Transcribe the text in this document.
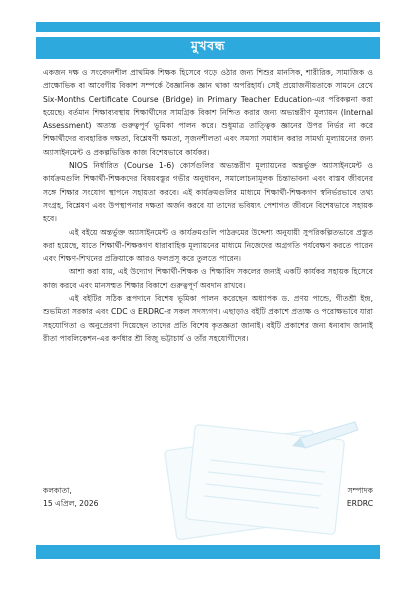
মুখবন্ধ

একজন দক্ষ ও সংবেদনশীল প্রাথমিক শিক্ষক হিসেবে গড়ে ওঠার জন্য শিশুর মানসিক, শারীরিক, সামাজিক ও প্রাক্ষোভিক বা আবেগীয় বিকাশ সম্পর্কে বৈজ্ঞানিক জ্ঞান থাকা অপরিহার্য। সেই প্রয়োজনীয়তাকে সামনে রেখে Six-Months Certificate Course (Bridge) in Primary Teacher Education-এর পরিকল্পনা করা হয়েছে। বর্তমান শিক্ষাব্যবস্থায় শিক্ষার্থীদের সামগ্রিক বিকাশ নিশ্চিত করার জন্য অভ্যন্তরীণ মূল্যায়ন (Internal Assessment) অত্যন্ত গুরুত্বপূর্ণ ভূমিকা পালন করে। শুধুমাত্র তাত্ত্বিক জ্ঞানের উপর নির্ভর না করে শিক্ষার্থীদের ব্যবহারিক দক্ষতা, বিশ্লেষণী ক্ষমতা, সৃজনশীলতা এবং সমস্যা সমাধান করার সামর্থ্য মূল্যায়নের জন্য অ্যাসাইনমেন্ট ও প্রকল্পভিত্তিক কাজ বিশেষভাবে কার্যকর।

NIOS নির্ধারিত (Course 1-6) কোর্সগুলির অভ্যন্তরীণ মূল্যায়নের অন্তর্ভুক্ত অ্যাসাইনমেন্ট ও কার্যক্রমগুলি শিক্ষার্থী-শিক্ষকদের বিষয়বস্তুর গভীর অনুধাবন, সমালোচনামূলক চিন্তাভাবনা এবং বাস্তব জীবনের সঙ্গে শিক্ষার সংযোগ স্থাপনে সহায়তা করবে। এই কার্যক্রমগুলির মাধ্যমে শিক্ষার্থী-শিক্ষকগণ স্বনির্ভরভাবে তথ্য সংগ্রহ, বিশ্লেষণ এবং উপস্থাপনার দক্ষতা অর্জন করবে যা তাদের ভবিষ্যৎ পেশাগত জীবনে বিশেষভাবে সহায়ক হবে।

এই বইয়ে অন্তর্ভুক্ত অ্যাসাইনমেন্ট ও কার্যক্রমগুলি পাঠক্রমের উদ্দেশ্য অনুযায়ী সুপরিকল্পিতভাবে প্রস্তুত করা হয়েছে, যাতে শিক্ষার্থী-শিক্ষকগণ ধারাবাহিক মূল্যায়নের মাধ্যমে নিজেদের অগ্রগতি পর্যবেক্ষণ করতে পারেন এবং শিক্ষণ-শিখনের প্রক্রিয়াকে আরও ফলপ্রসূ করে তুলতে পারেন।

আশা করা যায়, এই উদ্যোগ শিক্ষার্থী-শিক্ষক ও শিক্ষাবিদ সকলের জন্যই একটি কার্যকর সহায়ক হিসেবে কাজ করবে এবং মানসম্মত শিক্ষার বিকাশে গুরুত্বপূর্ণ অবদান রাখবে।

এই বইটির সঠিক রূপদানে বিশেষ ভূমিকা পালন করেছেন অধ্যাপক ড. প্রণয় পান্ডে, গীতশ্রী ইন্দ্র, শুভমিতা সরকার এবং CDC ও ERDRC-র সকল সদস্যগণ। এছাড়াও বইটি প্রকাশে প্রত্যক্ষ ও পরোক্ষভাবে যারা সহযোগিতা ও অনুপ্রেরণা দিয়েছেন তাদের প্রতি বিশেষ কৃতজ্ঞতা জানাই। বইটি প্রকাশের জন্য ধন্যবাদ জানাই রীতা পাবলিকেশন-এর কর্ণধার শ্রী বিজু ভট্টাচার্য ও তাঁর সহযোগীদের।

কলকাতা,	সম্পাদক
15 এপ্রিল, 2026	ERDRC
